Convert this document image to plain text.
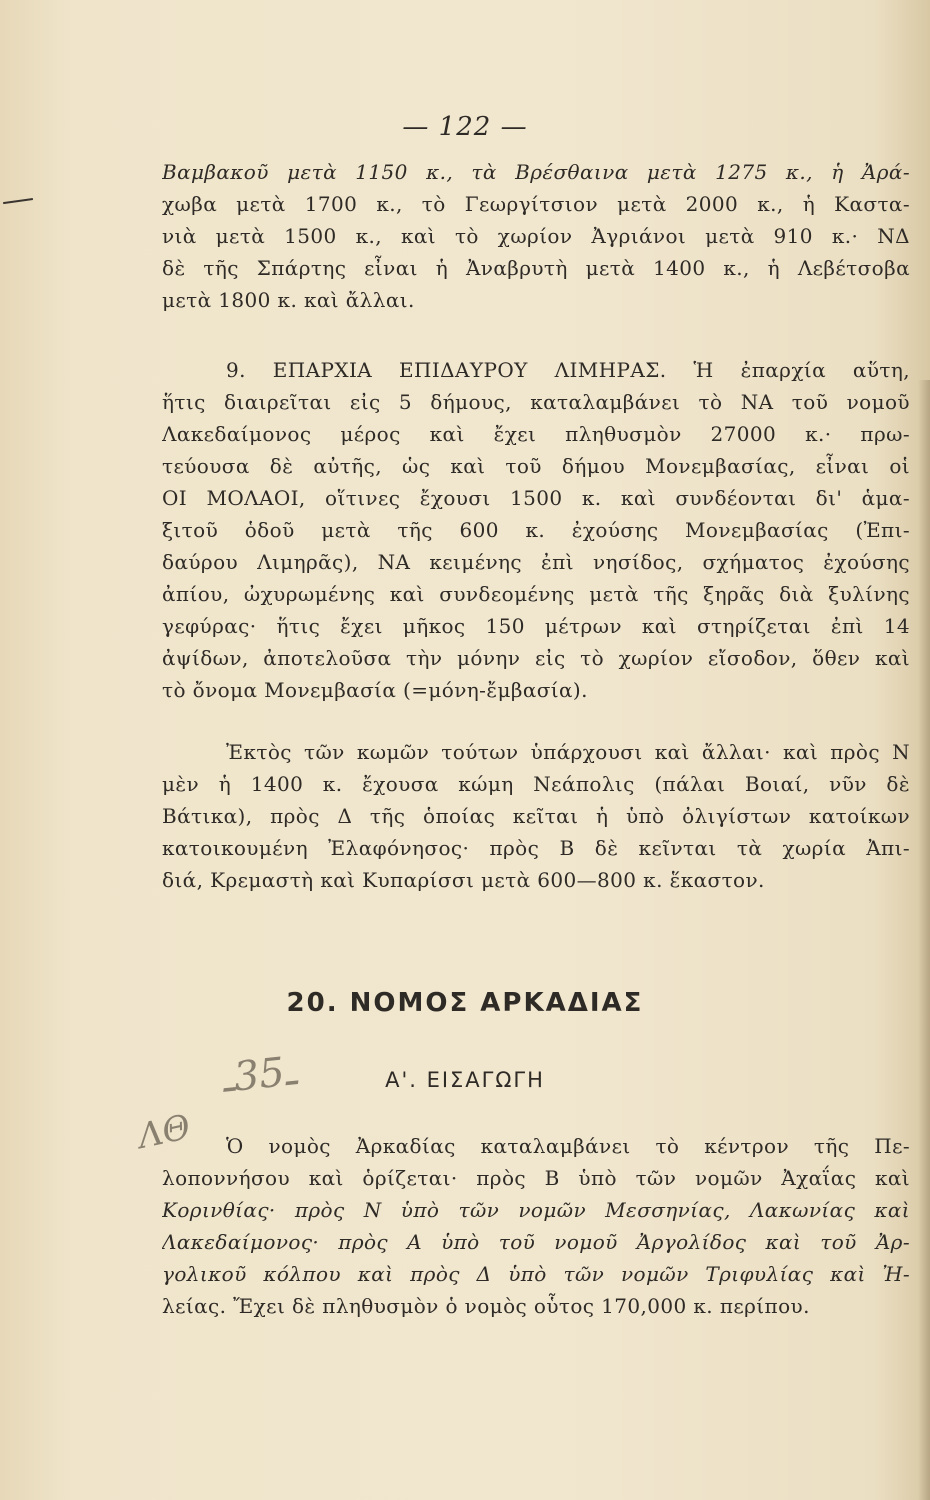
— 122 —
Βαμβακοῦ μετὰ 1150 κ., τὰ Βρέσθαινα μετὰ 1275 κ., ἡ Ἀρά-
χωβα μετὰ 1700 κ., τὸ Γεωργίτσιον μετὰ 2000 κ., ἡ Καστα-
νιὰ μετὰ 1500 κ., καὶ τὸ χωρίον Ἀγριάνοι μετὰ 910 κ.· ΝΔ
δὲ τῆς Σπάρτης εἶναι ἡ Ἀναβρυτὴ μετὰ 1400 κ., ἡ Λεβέτσοβα
μετὰ 1800 κ. καὶ ἄλλαι.
9. ΕΠΑΡΧΙΑ ΕΠΙΔΑΥΡΟΥ ΛΙΜΗΡΑΣ. Ἡ ἐπαρχία αὕτη,
ἥτις διαιρεῖται εἰς 5 δήμους, καταλαμβάνει τὸ ΝΑ τοῦ νομοῦ
Λακεδαίμονος μέρος καὶ ἔχει πληθυσμὸν 27000 κ.· πρω-
τεύουσα δὲ αὐτῆς, ὡς καὶ τοῦ δήμου Μονεμβασίας, εἶναι οἱ
ΟΙ ΜΟΛΑΟΙ, οἵτινες ἔχουσι 1500 κ. καὶ συνδέονται δι' ἁμα-
ξιτοῦ ὁδοῦ μετὰ τῆς 600 κ. ἐχούσης Μονεμβασίας (Ἐπι-
δαύρου Λιμηρᾶς), ΝΑ κειμένης ἐπὶ νησίδος, σχήματος ἐχούσης
ἀπίου, ὠχυρωμένης καὶ συνδεομένης μετὰ τῆς ξηρᾶς διὰ ξυλίνης
γεφύρας· ἥτις ἔχει μῆκος 150 μέτρων καὶ στηρίζεται ἐπὶ 14
ἀψίδων, ἀποτελοῦσα τὴν μόνην εἰς τὸ χωρίον εἴσοδον, ὅθεν καὶ
τὸ ὄνομα Μονεμβασία (=μόνη-ἔμβασία).
Ἐκτὸς τῶν κωμῶν τούτων ὑπάρχουσι καὶ ἄλλαι· καὶ πρὸς Ν
μὲν ἡ 1400 κ. ἔχουσα κώμη Νεάπολις (πάλαι Βοιαί, νῦν δὲ
Βάτικα), πρὸς Δ τῆς ὁποίας κεῖται ἡ ὑπὸ ὀλιγίστων κατοίκων
κατοικουμένη Ἐλαφόνησος· πρὸς Β δὲ κεῖνται τὰ χωρία Ἀπι-
διά, Κρεμαστὴ καὶ Κυπαρίσσι μετὰ 600—800 κ. ἕκαστον.
20. ΝΟΜΟΣ ΑΡΚΑΔΙΑΣ
ـ35ـ
ΛΘ
Α'. ΕΙΣΑΓΩΓΗ
Ὁ νομὸς Ἀρκαδίας καταλαμβάνει τὸ κέντρον τῆς Πε-
λοποννήσου καὶ ὁρίζεται· πρὸς Β ὑπὸ τῶν νομῶν Ἀχαΐας καὶ
Κορινθίας· πρὸς Ν ὑπὸ τῶν νομῶν Μεσσηνίας, Λακωνίας καὶ
Λακεδαίμονος· πρὸς Α ὑπὸ τοῦ νομοῦ Ἀργολίδος καὶ τοῦ Ἀρ-
γολικοῦ κόλπου καὶ πρὸς Δ ὑπὸ τῶν νομῶν Τριφυλίας καὶ Ἠ-
λείας. Ἔχει δὲ πληθυσμὸν ὁ νομὸς οὗτος 170,000 κ. περίπου.
